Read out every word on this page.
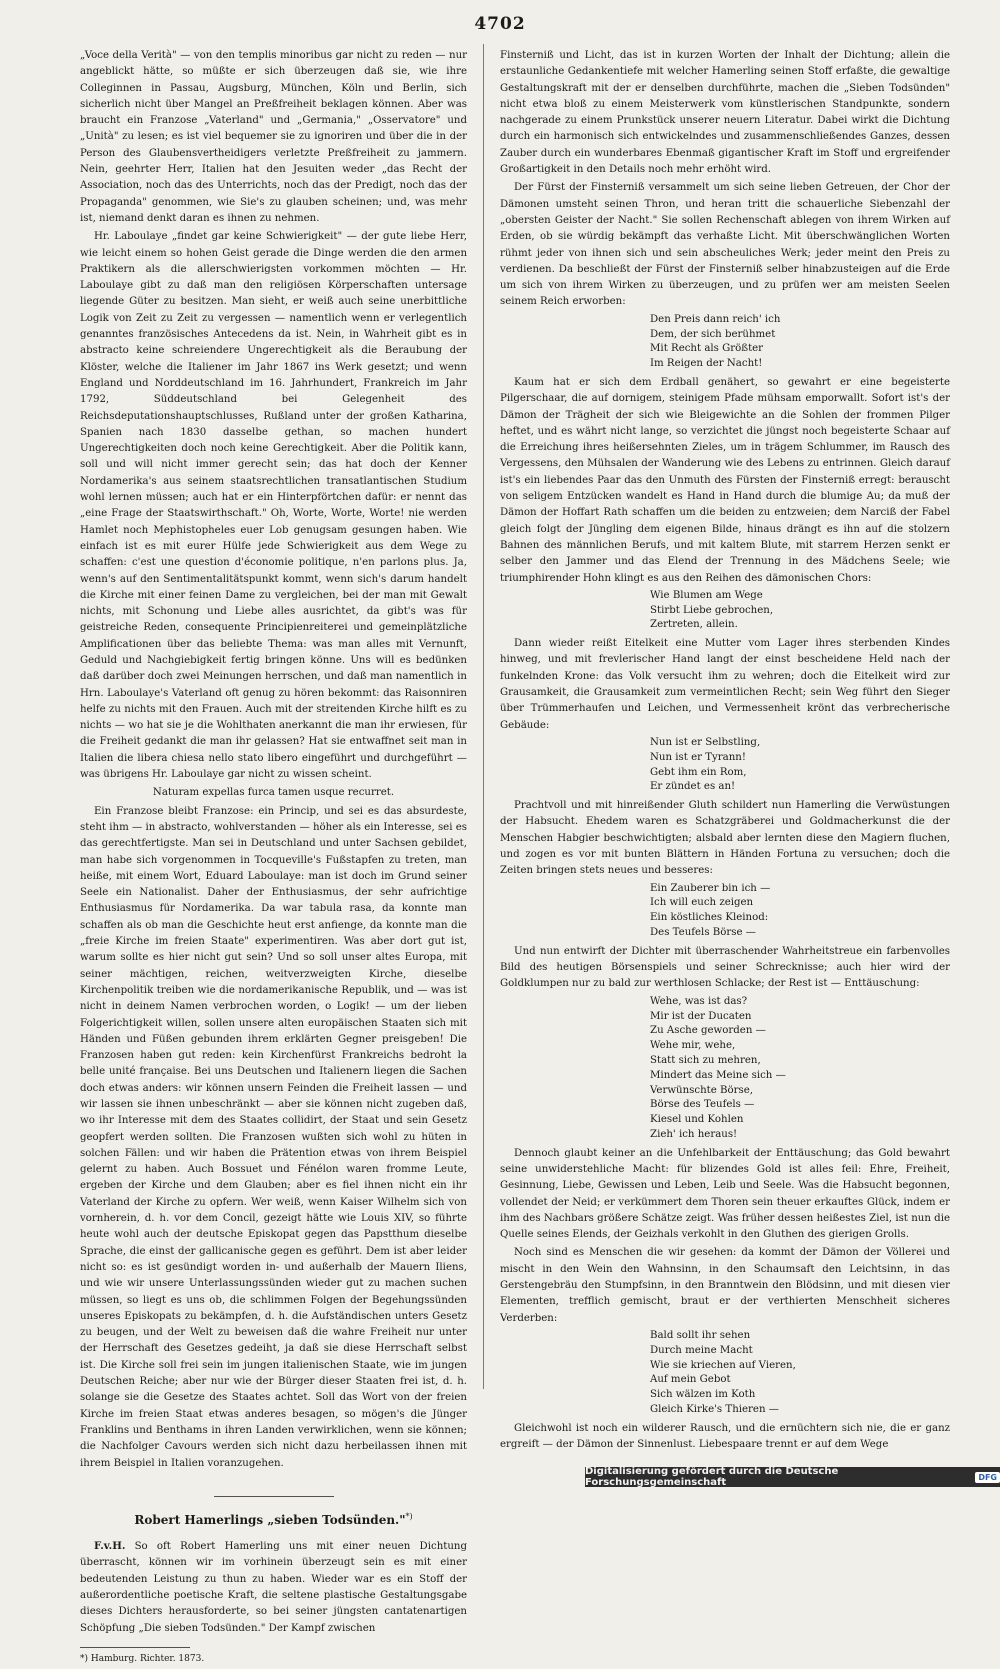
4702

„Voce della Verità" — von den templis minoribus gar nicht zu reden — nur angeblickt hätte, so müßte er sich überzeugen daß sie, wie ihre Colleginnen in Passau, Augsburg, München, Köln und Berlin, sich sicherlich nicht über Mangel an Preßfreiheit beklagen können. Aber was braucht ein Franzose „Vaterland" und „Germania," „Osservatore" und „Unità" zu lesen; es ist viel bequemer sie zu ignoriren und über die in der Person des Glaubensvertheidigers verletzte Preßfreiheit zu jammern. Nein, geehrter Herr, Italien hat den Jesuiten weder „das Recht der Association, noch das des Unterrichts, noch das der Predigt, noch das der Propaganda" genommen, wie Sie's zu glauben scheinen; und, was mehr ist, niemand denkt daran es ihnen zu nehmen.

Hr. Laboulaye „findet gar keine Schwierigkeit" — der gute liebe Herr, wie leicht einem so hohen Geist gerade die Dinge werden die den armen Praktikern als die allerschwierigsten vorkommen möchten — Hr. Laboulaye gibt zu daß man den religiösen Körperschaften untersage liegende Güter zu besitzen. Man sieht, er weiß auch seine unerbittliche Logik von Zeit zu Zeit zu vergessen — namentlich wenn er verlegentlich genanntes französisches Antecedens da ist. Nein, in Wahrheit gibt es in abstracto keine schreiendere Ungerechtigkeit als die Beraubung der Klöster, welche die Italiener im Jahr 1867 ins Werk gesetzt; und wenn England und Norddeutschland im 16. Jahrhundert, Frankreich im Jahr 1792, Süddeutschland bei Gelegenheit des Reichsdeputationshauptschlusses, Rußland unter der großen Katharina, Spanien nach 1830 dasselbe gethan, so machen hundert Ungerechtigkeiten doch noch keine Gerechtigkeit. Aber die Politik kann, soll und will nicht immer gerecht sein; das hat doch der Kenner Nordamerika's aus seinem staatsrechtlichen transatlantischen Studium wohl lernen müssen; auch hat er ein Hinterpförtchen dafür: er nennt das „eine Frage der Staatswirthschaft." Oh, Worte, Worte, Worte! nie werden Hamlet noch Mephistopheles euer Lob genugsam gesungen haben. Wie einfach ist es mit eurer Hülfe jede Schwierigkeit aus dem Wege zu schaffen: c'est une question d'économie politique, n'en parlons plus. Ja, wenn's auf den Sentimentalitätspunkt kommt, wenn sich's darum handelt die Kirche mit einer feinen Dame zu vergleichen, bei der man mit Gewalt nichts, mit Schonung und Liebe alles ausrichtet, da gibt's was für geistreiche Reden, consequente Principienreiterei und gemeinplätzliche Amplificationen über das beliebte Thema: was man alles mit Vernunft, Geduld und Nachgiebigkeit fertig bringen könne. Uns will es bedünken daß darüber doch zwei Meinungen herrschen, und daß man namentlich in Hrn. Laboulaye's Vaterland oft genug zu hören bekommt: das Raisonniren helfe zu nichts mit den Frauen. Auch mit der streitenden Kirche hilft es zu nichts — wo hat sie je die Wohlthaten anerkannt die man ihr erwiesen, für die Freiheit gedankt die man ihr gelassen? Hat sie entwaffnet seit man in Italien die libera chiesa nello stato libero eingeführt und durchgeführt — was übrigens Hr. Laboulaye gar nicht zu wissen scheint.

Naturam expellas furca tamen usque recurret.

Ein Franzose bleibt Franzose: ein Princip, und sei es das absurdeste, steht ihm — in abstracto, wohlverstanden — höher als ein Interesse, sei es das gerechtfertigste. Man sei in Deutschland und unter Sachsen gebildet, man habe sich vorgenommen in Tocqueville's Fußstapfen zu treten, man heiße, mit einem Wort, Eduard Laboulaye: man ist doch im Grund seiner Seele ein Nationalist. Daher der Enthusiasmus, der sehr aufrichtige Enthusiasmus für Nordamerika. Da war tabula rasa, da konnte man schaffen als ob man die Geschichte heut erst anfienge, da konnte man die „freie Kirche im freien Staate" experimentiren. Was aber dort gut ist, warum sollte es hier nicht gut sein? Und so soll unser altes Europa, mit seiner mächtigen, reichen, weitverzweigten Kirche, dieselbe Kirchenpolitik treiben wie die nordamerikanische Republik, und — was ist nicht in deinem Namen verbrochen worden, o Logik! — um der lieben Folgerichtigkeit willen, sollen unsere alten europäischen Staaten sich mit Händen und Füßen gebunden ihrem erklärten Gegner preisgeben! Die Franzosen haben gut reden: kein Kirchenfürst Frankreichs bedroht la belle unité française. Bei uns Deutschen und Italienern liegen die Sachen doch etwas anders: wir können unsern Feinden die Freiheit lassen — und wir lassen sie ihnen unbeschränkt — aber sie können nicht zugeben daß, wo ihr Interesse mit dem des Staates collidirt, der Staat und sein Gesetz geopfert werden sollten. Die Franzosen wußten sich wohl zu hüten in solchen Fällen: und wir haben die Prätention etwas von ihrem Beispiel gelernt zu haben. Auch Bossuet und Fénélon waren fromme Leute, ergeben der Kirche und dem Glauben; aber es fiel ihnen nicht ein ihr Vaterland der Kirche zu opfern. Wer weiß, wenn Kaiser Wilhelm sich von vornherein, d. h. vor dem Concil, gezeigt hätte wie Louis XIV, so führte heute wohl auch der deutsche Episkopat gegen das Papstthum dieselbe Sprache, die einst der gallicanische gegen es geführt. Dem ist aber leider nicht so: es ist gesündigt worden in- und außerhalb der Mauern Iliens, und wie wir unsere Unterlassungssünden wieder gut zu machen suchen müssen, so liegt es uns ob, die schlimmen Folgen der Begehungssünden unseres Episkopats zu bekämpfen, d. h. die Aufständischen unters Gesetz zu beugen, und der Welt zu beweisen daß die wahre Freiheit nur unter der Herrschaft des Gesetzes gedeiht, ja daß sie diese Herrschaft selbst ist. Die Kirche soll frei sein im jungen italienischen Staate, wie im jungen Deutschen Reiche; aber nur wie der Bürger dieser Staaten frei ist, d. h. solange sie die Gesetze des Staates achtet. Soll das Wort von der freien Kirche im freien Staat etwas anderes besagen, so mögen's die Jünger Franklins und Benthams in ihren Landen verwirklichen, wenn sie können; die Nachfolger Cavours werden sich nicht dazu herbeilassen ihnen mit ihrem Beispiel in Italien voranzugehen.

Robert Hamerlings „sieben Todsünden."*)

F.v.H. So oft Robert Hamerling uns mit einer neuen Dichtung überrascht, können wir im vorhinein überzeugt sein es mit einer bedeutenden Leistung zu thun zu haben. Wieder war es ein Stoff der außerordentliche poetische Kraft, die seltene plastische Gestaltungsgabe dieses Dichters herausforderte, so bei seiner jüngsten cantatenartigen Schöpfung „Die sieben Todsünden." Der Kampf zwischen

*) Hamburg. Richter. 1873.

Finsterniß und Licht, das ist in kurzen Worten der Inhalt der Dichtung; allein die erstaunliche Gedankentiefe mit welcher Hamerling seinen Stoff erfaßte, die gewaltige Gestaltungskraft mit der er denselben durchführte, machen die „Sieben Todsünden" nicht etwa bloß zu einem Meisterwerk vom künstlerischen Standpunkte, sondern nachgerade zu einem Prunkstück unserer neuern Literatur. Dabei wirkt die Dichtung durch ein harmonisch sich entwickelndes und zusammenschließendes Ganzes, dessen Zauber durch ein wunderbares Ebenmaß gigantischer Kraft im Stoff und ergreifender Großartigkeit in den Details noch mehr erhöht wird.

Der Fürst der Finsterniß versammelt um sich seine lieben Getreuen, der Chor der Dämonen umsteht seinen Thron, und heran tritt die schauerliche Siebenzahl der „obersten Geister der Nacht." Sie sollen Rechenschaft ablegen von ihrem Wirken auf Erden, ob sie würdig bekämpft das verhaßte Licht. Mit überschwänglichen Worten rühmt jeder von ihnen sich und sein abscheuliches Werk; jeder meint den Preis zu verdienen. Da beschließt der Fürst der Finsterniß selber hinabzusteigen auf die Erde um sich von ihrem Wirken zu überzeugen, und zu prüfen wer am meisten Seelen seinem Reich erworben:

Den Preis dann reich' ich
Dem, der sich berühmet
Mit Recht als Größter
Im Reigen der Nacht!

Kaum hat er sich dem Erdball genähert, so gewahrt er eine begeisterte Pilgerschaar, die auf dornigem, steinigem Pfade mühsam emporwallt. Sofort ist's der Dämon der Trägheit der sich wie Bleigewichte an die Sohlen der frommen Pilger heftet, und es währt nicht lange, so verzichtet die jüngst noch begeisterte Schaar auf die Erreichung ihres heißersehnten Zieles, um in trägem Schlummer, im Rausch des Vergessens, den Mühsalen der Wanderung wie des Lebens zu entrinnen. Gleich darauf ist's ein liebendes Paar das den Unmuth des Fürsten der Finsterniß erregt: berauscht von seligem Entzücken wandelt es Hand in Hand durch die blumige Au; da muß der Dämon der Hoffart Rath schaffen um die beiden zu entzweien; dem Narciß der Fabel gleich folgt der Jüngling dem eigenen Bilde, hinaus drängt es ihn auf die stolzern Bahnen des männlichen Berufs, und mit kaltem Blute, mit starrem Herzen senkt er selber den Jammer und das Elend der Trennung in des Mädchens Seele; wie triumphirender Hohn klingt es aus den Reihen des dämonischen Chors:

Wie Blumen am Wege
Stirbt Liebe gebrochen,
Zertreten, allein.

Dann wieder reißt Eitelkeit eine Mutter vom Lager ihres sterbenden Kindes hinweg, und mit frevlerischer Hand langt der einst bescheidene Held nach der funkelnden Krone: das Volk versucht ihm zu wehren; doch die Eitelkeit wird zur Grausamkeit, die Grausamkeit zum vermeintlichen Recht; sein Weg führt den Sieger über Trümmerhaufen und Leichen, und Vermessenheit krönt das verbrecherische Gebäude:

Nun ist er Selbstling,
Nun ist er Tyrann!
Gebt ihm ein Rom,
Er zündet es an!

Prachtvoll und mit hinreißender Gluth schildert nun Hamerling die Verwüstungen der Habsucht. Ehedem waren es Schatzgräberei und Goldmacherkunst die der Menschen Habgier beschwichtigten; alsbald aber lernten diese den Magiern fluchen, und zogen es vor mit bunten Blättern in Händen Fortuna zu versuchen; doch die Zeiten bringen stets neues und besseres:

Ein Zauberer bin ich —
Ich will euch zeigen
Ein köstliches Kleinod:
Des Teufels Börse —

Und nun entwirft der Dichter mit überraschender Wahrheitstreue ein farbenvolles Bild des heutigen Börsenspiels und seiner Schrecknisse; auch hier wird der Goldklumpen nur zu bald zur werthlosen Schlacke; der Rest ist — Enttäuschung:

Wehe, was ist das?
Mir ist der Ducaten
Zu Asche geworden —
Wehe mir, wehe,
Statt sich zu mehren,
Mindert das Meine sich —
Verwünschte Börse,
Börse des Teufels —
Kiesel und Kohlen
Zieh' ich heraus!

Dennoch glaubt keiner an die Unfehlbarkeit der Enttäuschung; das Gold bewahrt seine unwiderstehliche Macht: für blizendes Gold ist alles feil: Ehre, Freiheit, Gesinnung, Liebe, Gewissen und Leben, Leib und Seele. Was die Habsucht begonnen, vollendet der Neid; er verkümmert dem Thoren sein theuer erkauftes Glück, indem er ihm des Nachbars größere Schätze zeigt. Was früher dessen heißestes Ziel, ist nun die Quelle seines Elends, der Geizhals verkohlt in den Gluthen des gierigen Grolls.

Noch sind es Menschen die wir gesehen: da kommt der Dämon der Völlerei und mischt in den Wein den Wahnsinn, in den Schaumsaft den Leichtsinn, in das Gerstengebräu den Stumpfsinn, in den Branntwein den Blödsinn, und mit diesen vier Elementen, trefflich gemischt, braut er der verthierten Menschheit sicheres Verderben:

Bald sollt ihr sehen
Durch meine Macht
Wie sie kriechen auf Vieren,
Auf mein Gebot
Sich wälzen im Koth
Gleich Kirke's Thieren —

Gleichwohl ist noch ein wilderer Rausch, und die ernüchtern sich nie, die er ganz ergreift — der Dämon der Sinnenlust. Liebespaare trennt er auf dem Wege

Digitalisierung gefördert durch die Deutsche Forschungsgemeinschaft	DFG
